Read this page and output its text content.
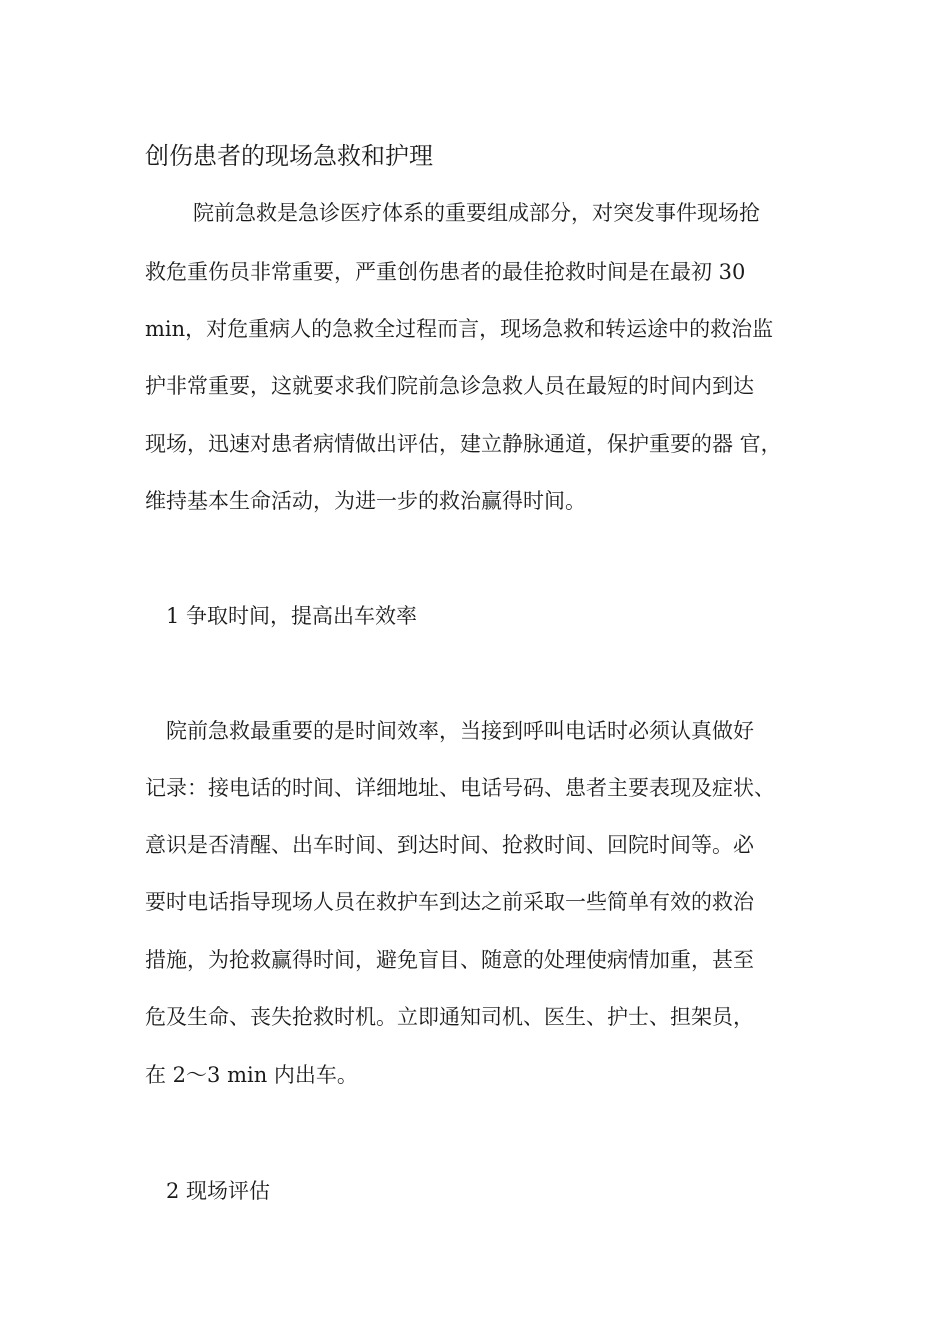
创伤患者的现场急救和护理
院前急救是急诊医疗体系的重要组成部分，对突发事件现场抢
救危重伤员非常重要，严重创伤患者的最佳抢救时间是在最初 30
min，对危重病人的急救全过程而言，现场急救和转运途中的救治监
护非常重要，这就要求我们院前急诊急救人员在最短的时间内到达
现场，迅速对患者病情做出评估，建立静脉通道，保护重要的器 官，
维持基本生命活动，为进一步的救治赢得时间。
1 争取时间，提高出车效率
院前急救最重要的是时间效率，当接到呼叫电话时必须认真做好
记录：接电话的时间、详细地址、电话号码、患者主要表现及症状、
意识是否清醒、出车时间、到达时间、抢救时间、回院时间等。必
要时电话指导现场人员在救护车到达之前采取一些简单有效的救治
措施，为抢救赢得时间，避免盲目、随意的处理使病情加重，甚至
危及生命、丧失抢救时机。立即通知司机、医生、护士、担架员，
在 2～3 min 内出车。
2 现场评估
